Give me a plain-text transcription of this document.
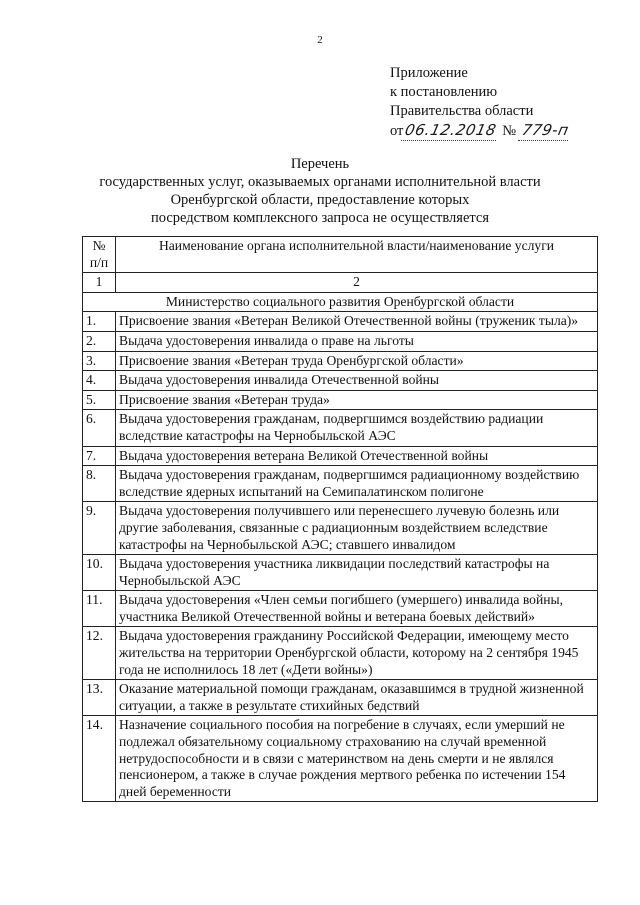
2
Приложение
к постановлению
Правительства области
от 06.12.2018 № 779-п
Перечень
государственных услуг, оказываемых органами исполнительной власти
Оренбургской области, предоставление которых
посредством комплексного запроса не осуществляется
№
п/п	Наименование органа исполнительной власти/наименование услуги
1	2
Министерство социального развития Оренбургской области	
1.	Присвоение звания «Ветеран Великой Отечественной войны (труженик тыла)»
2.	Выдача удостоверения инвалида о праве на льготы
3.	Присвоение звания «Ветеран труда Оренбургской области»
4.	Выдача удостоверения инвалида Отечественной войны
5.	Присвоение звания «Ветеран труда»
6.	Выдача удостоверения гражданам, подвергшимся воздействию радиации вследствие катастрофы на Чернобыльской АЭС
7.	Выдача удостоверения ветерана Великой Отечественной войны
8.	Выдача удостоверения гражданам, подвергшимся радиационному воздействию вследствие ядерных испытаний на Семипалатинском полигоне
9.	Выдача удостоверения получившего или перенесшего лучевую болезнь или другие заболевания, связанные с радиационным воздействием вследствие катастрофы на Чернобыльской АЭС; ставшего инвалидом
10.	Выдача удостоверения участника ликвидации последствий катастрофы на Чернобыльской АЭС
11.	Выдача удостоверения «Член семьи погибшего (умершего) инвалида войны, участника Великой Отечественной войны и ветерана боевых действий»
12.	Выдача удостоверения гражданину Российской Федерации, имеющему место жительства на территории Оренбургской области, которому на 2 сентября 1945 года не исполнилось 18 лет («Дети войны»)
13.	Оказание материальной помощи гражданам, оказавшимся в трудной жизненной ситуации, а также в результате стихийных бедствий
14.	Назначение социального пособия на погребение в случаях, если умерший не подлежал обязательному социальному страхованию на случай временной нетрудоспособности и в связи с материнством на день смерти и не являлся пенсионером, а также в случае рождения мертвого ребенка по истечении 154 дней беременности
